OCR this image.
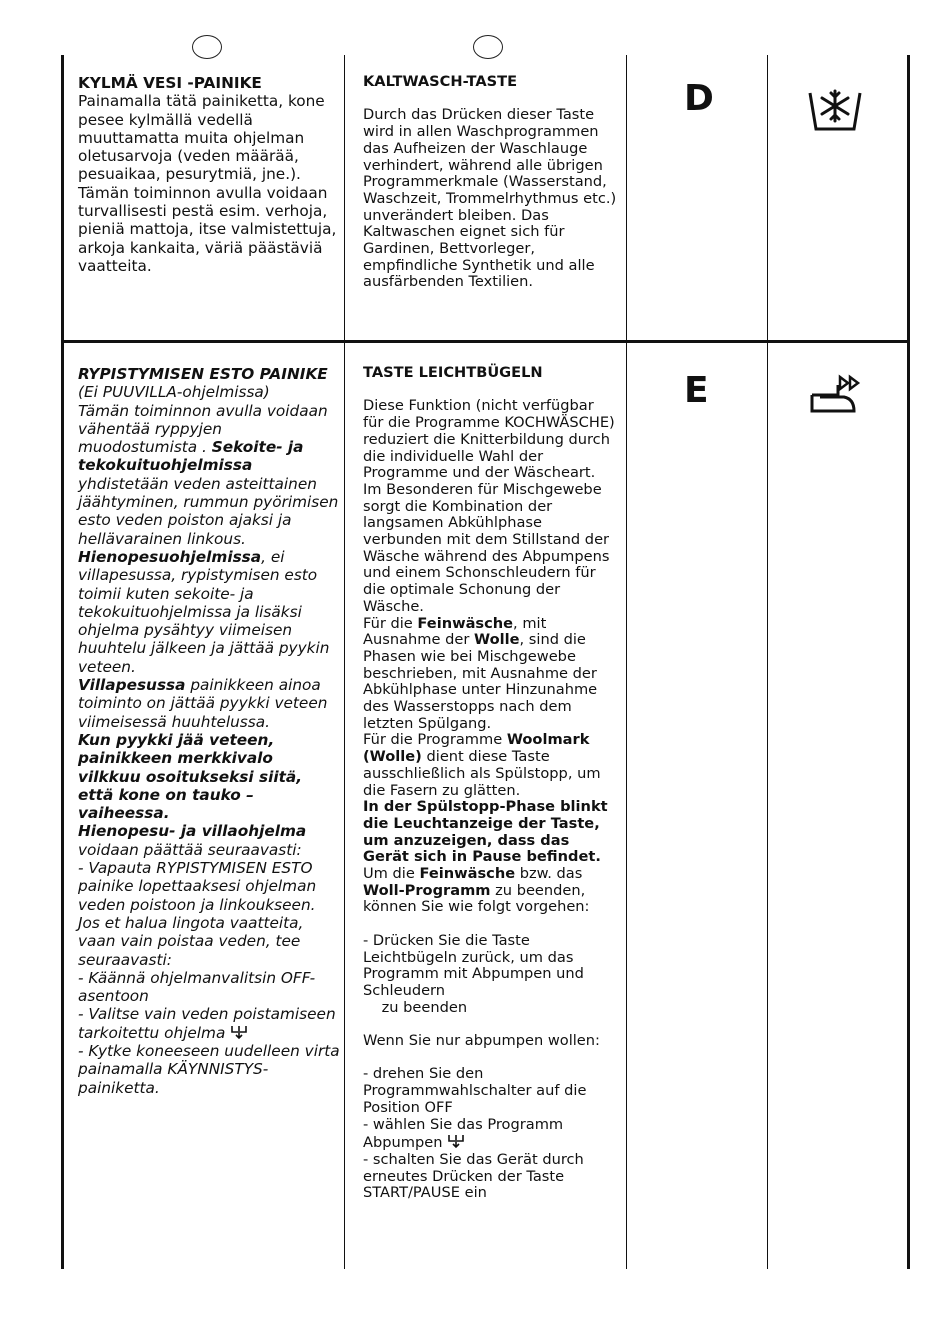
KYLMÄ VESI -PAINIKE
Painamalla tätä painiketta, kone pesee kylmällä vedellä muuttamatta muita ohjelman oletusarvoja (veden määrää, pesuaikaa, pesurytmiä, jne.). Tämän toiminnon avulla voidaan turvallisesti pestä esim. verhoja, pieniä mattoja, itse valmistettuja, arkoja kankaita, väriä päästäviä vaatteita.
KALTWASCH-TASTE
Durch das Drücken dieser Taste wird in allen Waschprogrammen das Aufheizen der Waschlauge verhindert, während alle übrigen Programmerkmale (Wasserstand, Waschzeit, Trommelrhythmus etc.) unverändert bleiben. Das Kaltwaschen eignet sich für Gardinen, Bettvorleger, empfindliche Synthetik und alle ausfärbenden Textilien.
D
RYPISTYMISEN ESTO PAINIKE
(Ei PUUVILLA-ohjelmissa)
Tämän toiminnon avulla voidaan vähentää ryppyjen muodostumista . Sekoite- ja tekokuituohjelmissa yhdistetään veden asteittainen jäähtyminen, rummun pyörimisen esto veden poiston ajaksi ja hellävarainen linkous.
Hienopesuohjelmissa, ei villapesussa, rypistymisen esto toimii kuten sekoite- ja tekokuituohjelmissa ja lisäksi ohjelma pysähtyy viimeisen huuhtelu jälkeen ja jättää pyykin veteen.
Villapesussa painikkeen ainoa toiminto on jättää pyykki veteen viimeisessä huuhtelussa.
Kun pyykki jää veteen, painikkeen merkkivalo vilkkuu osoitukseksi siitä, että kone on tauko –vaiheessa.
Hienopesu- ja villaohjelma voidaan päättää seuraavasti:
- Vapauta RYPISTYMISEN ESTO painike lopettaaksesi ohjelman veden poistoon ja linkoukseen.
Jos et halua lingota vaatteita, vaan vain poistaa veden, tee seuraavasti:
- Käännä ohjelmanvalitsin OFF-asentoon
- Valitse vain veden poistamiseen tarkoitettu ohjelma
- Kytke koneeseen uudelleen virta painamalla KÄYNNISTYS-painiketta.
TASTE LEICHTBÜGELN
Diese Funktion (nicht verfügbar für die Programme KOCHWÄSCHE) reduziert die Knitterbildung durch die individuelle Wahl der Programme und der Wäscheart.
Im Besonderen für Mischgewebe sorgt die Kombination der langsamen Abkühlphase verbunden mit dem Stillstand der Wäsche während des Abpumpens und einem Schonschleudern für die optimale Schonung der Wäsche.
Für die Feinwäsche, mit Ausnahme der Wolle, sind die Phasen wie bei Mischgewebe beschrieben, mit Ausnahme der Abkühlphase unter Hinzunahme des Wasserstopps nach dem letzten Spülgang.
Für die Programme Woolmark (Wolle) dient diese Taste ausschließlich als Spülstopp, um die Fasern zu glätten.
In der Spülstopp-Phase blinkt die Leuchtanzeige der Taste, um anzuzeigen, dass das Gerät sich in Pause befindet.
Um die Feinwäsche bzw. das Woll-Programm zu beenden, können Sie wie folgt vorgehen:
- Drücken Sie die Taste Leichtbügeln zurück, um das Programm mit Abpumpen und Schleudern
zu beenden
Wenn Sie nur abpumpen wollen:
- drehen Sie den Programmwahlschalter auf die Position OFF
- wählen Sie das Programm Abpumpen
- schalten Sie das Gerät durch erneutes Drücken der Taste START/PAUSE ein
E
